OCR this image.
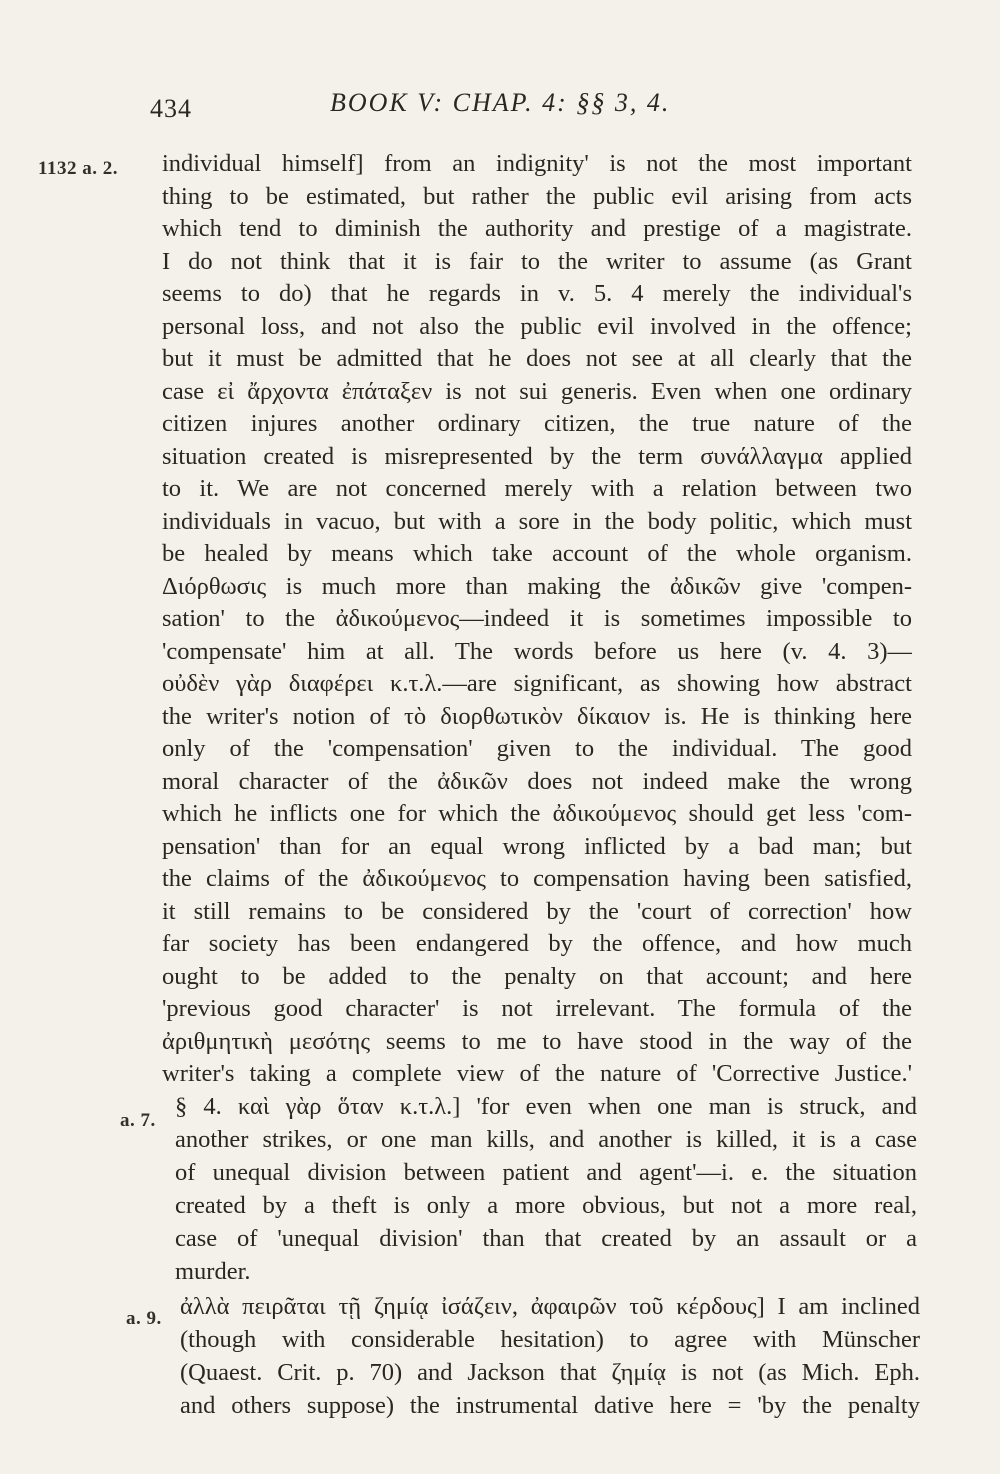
434	BOOK V: CHAP. 4: §§ 3, 4.
1132 a. 2. individual himself] from an indignity' is not the most important
thing to be estimated, but rather the public evil arising from acts
which tend to diminish the authority and prestige of a magistrate.
I do not think that it is fair to the writer to assume (as Grant
seems to do) that he regards in v. 5. 4 merely the individual's
personal loss, and not also the public evil involved in the offence;
but it must be admitted that he does not see at all clearly that the
case εἰ ἄρχοντα ἐπάταξεν is not sui generis. Even when one ordinary
citizen injures another ordinary citizen, the true nature of the
situation created is misrepresented by the term συνάλλαγμα applied
to it. We are not concerned merely with a relation between two
individuals in vacuo, but with a sore in the body politic, which must
be healed by means which take account of the whole organism.
Διόρθωσις is much more than making the ἀδικῶν give 'compen-
sation' to the ἀδικούμενος—indeed it is sometimes impossible to
'compensate' him at all. The words before us here (v. 4. 3)—
οὐδὲν γὰρ διαφέρει κ.τ.λ.—are significant, as showing how abstract
the writer's notion of τὸ διορθωτικὸν δίκαιον is. He is thinking here
only of the 'compensation' given to the individual. The good
moral character of the ἀδικῶν does not indeed make the wrong
which he inflicts one for which the ἀδικούμενος should get less 'com-
pensation' than for an equal wrong inflicted by a bad man; but
the claims of the ἀδικούμενος to compensation having been satisfied,
it still remains to be considered by the 'court of correction' how
far society has been endangered by the offence, and how much
ought to be added to the penalty on that account; and here
'previous good character' is not irrelevant. The formula of the
ἀριθμητικὴ μεσότης seems to me to have stood in the way of the
writer's taking a complete view of the nature of 'Corrective Justice.'
a. 7.
§ 4. καὶ γὰρ ὅταν κ.τ.λ.] 'for even when one man is struck, and
another strikes, or one man kills, and another is killed, it is a case
of unequal division between patient and agent'—i. e. the situation
created by a theft is only a more obvious, but not a more real,
case of 'unequal division' than that created by an assault or a
murder.
a. 9. ἀλλὰ πειρᾶται τῇ ζημίᾳ ἰσάζειν, ἀφαιρῶν τοῦ κέρδους] I am inclined
(though with considerable hesitation) to agree with Münscher
(Quaest. Crit. p. 70) and Jackson that ζημίᾳ is not (as Mich. Eph.
and others suppose) the instrumental dative here = 'by the penalty
